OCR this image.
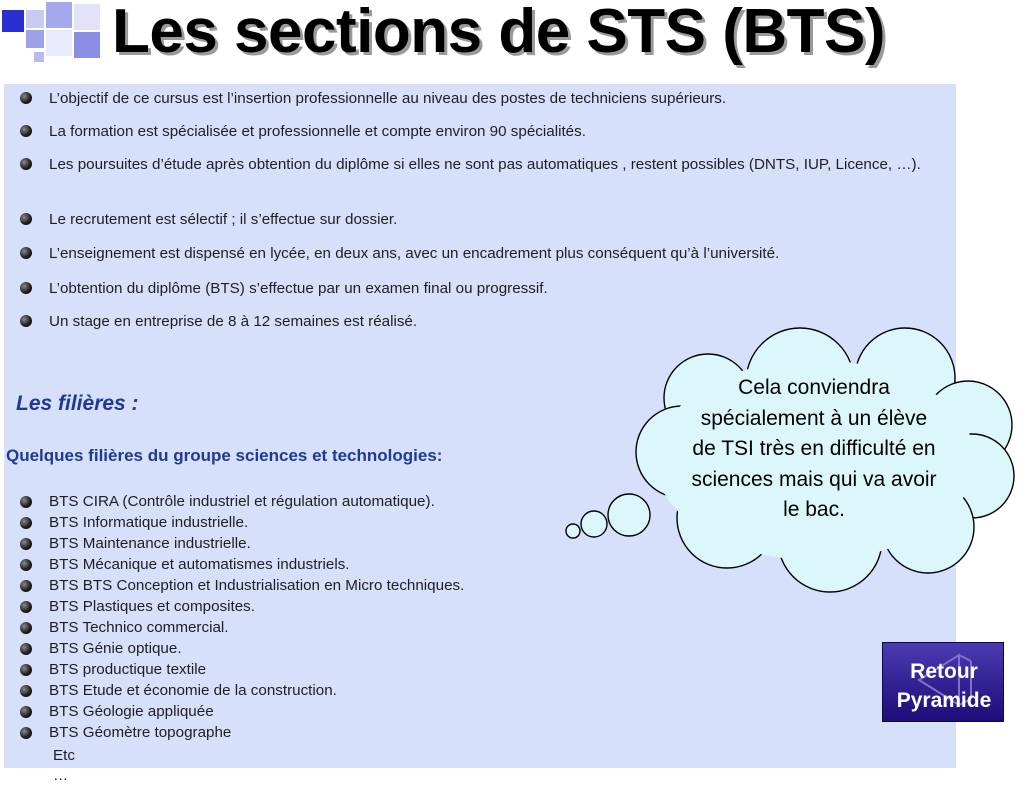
Les sections de STS (BTS)
L’objectif de ce cursus est l’insertion professionnelle au niveau des postes de techniciens supérieurs.
La formation est spécialisée et professionnelle et compte environ 90 spécialités.
Les poursuites d’étude après obtention du diplôme si elles ne sont pas automatiques , restent possibles (DNTS, IUP, Licence, …).
Le recrutement est sélectif ; il s’effectue sur dossier.
L’enseignement est dispensé en lycée, en deux ans, avec un encadrement plus conséquent qu’à l’université.
L’obtention du diplôme (BTS) s’effectue par un examen final ou progressif.
Un stage en entreprise de 8 à 12 semaines est réalisé.
Les filières :
Quelques filières du groupe sciences et technologies:
BTS CIRA (Contrôle industriel et régulation automatique).
BTS Informatique industrielle.
BTS Maintenance industrielle.
BTS Mécanique et automatismes industriels.
BTS BTS Conception et Industrialisation en Micro techniques.
BTS Plastiques et composites.
BTS Technico commercial.
BTS Génie optique.
BTS productique textile
BTS Etude et économie de la construction.
BTS Géologie appliquée
BTS Géomètre topographe
Etc …
Cela conviendra spécialement à un élève de TSI très en difficulté en sciences mais qui va avoir le bac.
Retour
Pyramide
